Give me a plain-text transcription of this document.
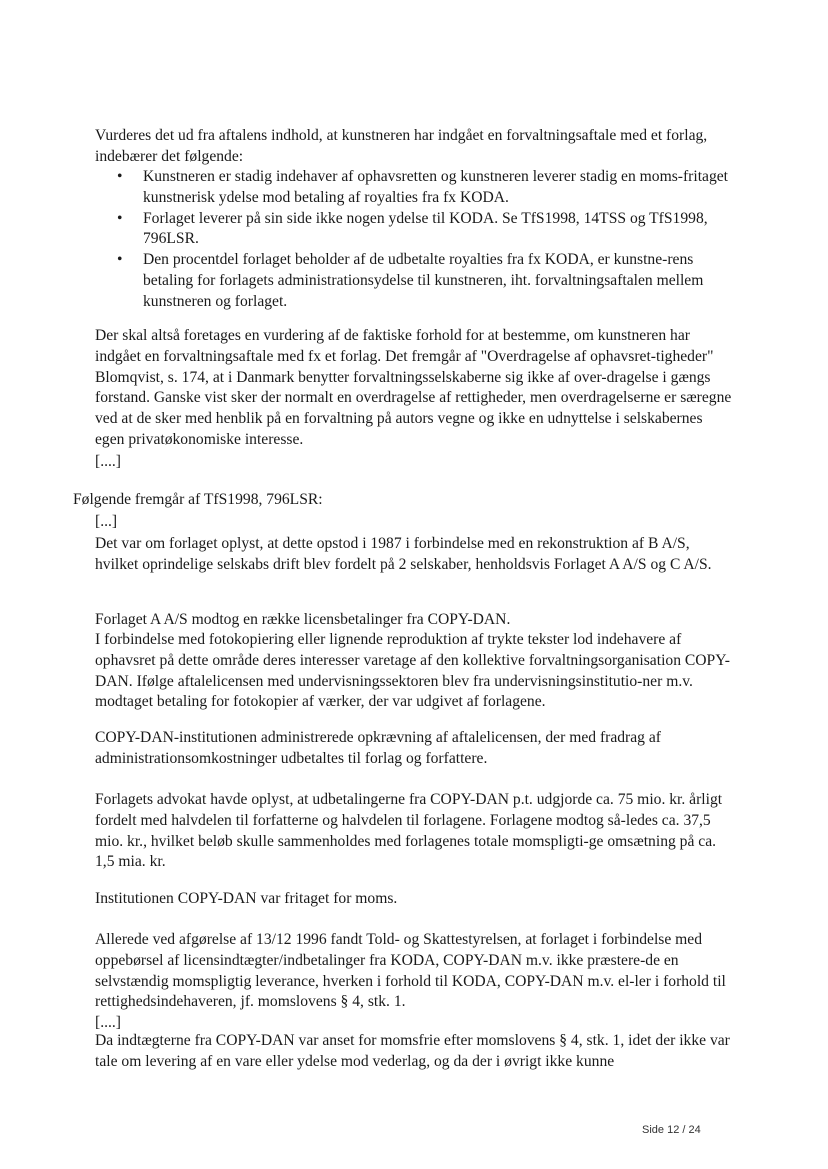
Vurderes det ud fra aftalens indhold, at kunstneren har indgået en forvaltningsaftale med et forlag, indebærer det følgende:

• Kunstneren er stadig indehaver af ophavsretten og kunstneren leverer stadig en moms-fritaget kunstnerisk ydelse mod betaling af royalties fra fx KODA.
• Forlaget leverer på sin side ikke nogen ydelse til KODA. Se TfS1998, 14TSS og TfS1998, 796LSR.
• Den procentdel forlaget beholder af de udbetalte royalties fra fx KODA, er kunstne-rens betaling for forlagets administrationsydelse til kunstneren, iht. forvaltningsaftalen mellem kunstneren og forlaget.

Der skal altså foretages en vurdering af de faktiske forhold for at bestemme, om kunstneren har indgået en forvaltningsaftale med fx et forlag. Det fremgår af "Overdragelse af ophavsret-tigheder" Blomqvist, s. 174, at i Danmark benytter forvaltningsselskaberne sig ikke af over-dragelse i gængs forstand. Ganske vist sker der normalt en overdragelse af rettigheder, men overdragelserne er særegne ved at de sker med henblik på en forvaltning på autors vegne og ikke en udnyttelse i selskabernes egen privatøkonomiske interesse.

[....]

Følgende fremgår af TfS1998, 796LSR:

[...]

Det var om forlaget oplyst, at dette opstod i 1987 i forbindelse med en rekonstruktion af B A/S, hvilket oprindelige selskabs drift blev fordelt på 2 selskaber, henholdsvis Forlaget A A/S og C A/S.

Forlaget A A/S modtog en række licensbetalinger fra COPY-DAN.

I forbindelse med fotokopiering eller lignende reproduktion af trykte tekster lod indehavere af ophavsret på dette område deres interesser varetage af den kollektive forvaltningsorganisation COPY-DAN. Ifølge aftalelicensen med undervisningssektoren blev fra undervisningsinstitutio-ner m.v. modtaget betaling for fotokopier af værker, der var udgivet af forlagene.

COPY-DAN-institutionen administrerede opkrævning af aftalelicensen, der med fradrag af administrationsomkostninger udbetaltes til forlag og forfattere.

Forlagets advokat havde oplyst, at udbetalingerne fra COPY-DAN p.t. udgjorde ca. 75 mio. kr. årligt fordelt med halvdelen til forfatterne og halvdelen til forlagene. Forlagene modtog så-ledes ca. 37,5 mio. kr., hvilket beløb skulle sammenholdes med forlagenes totale momspligti-ge omsætning på ca. 1,5 mia. kr.

Institutionen COPY-DAN var fritaget for moms.

Allerede ved afgørelse af 13/12 1996 fandt Told- og Skattestyrelsen, at forlaget i forbindelse med oppebørsel af licensindtægter/indbetalinger fra KODA, COPY-DAN m.v. ikke præstere-de en selvstændig momspligtig leverance, hverken i forhold til KODA, COPY-DAN m.v. el-ler i forhold til rettighedsindehaveren, jf. momslovens § 4, stk. 1.

[....]

Da indtægterne fra COPY-DAN var anset for momsfrie efter momslovens § 4, stk. 1, idet der ikke var tale om levering af en vare eller ydelse mod vederlag, og da der i øvrigt ikke kunne

Side 12 / 24
